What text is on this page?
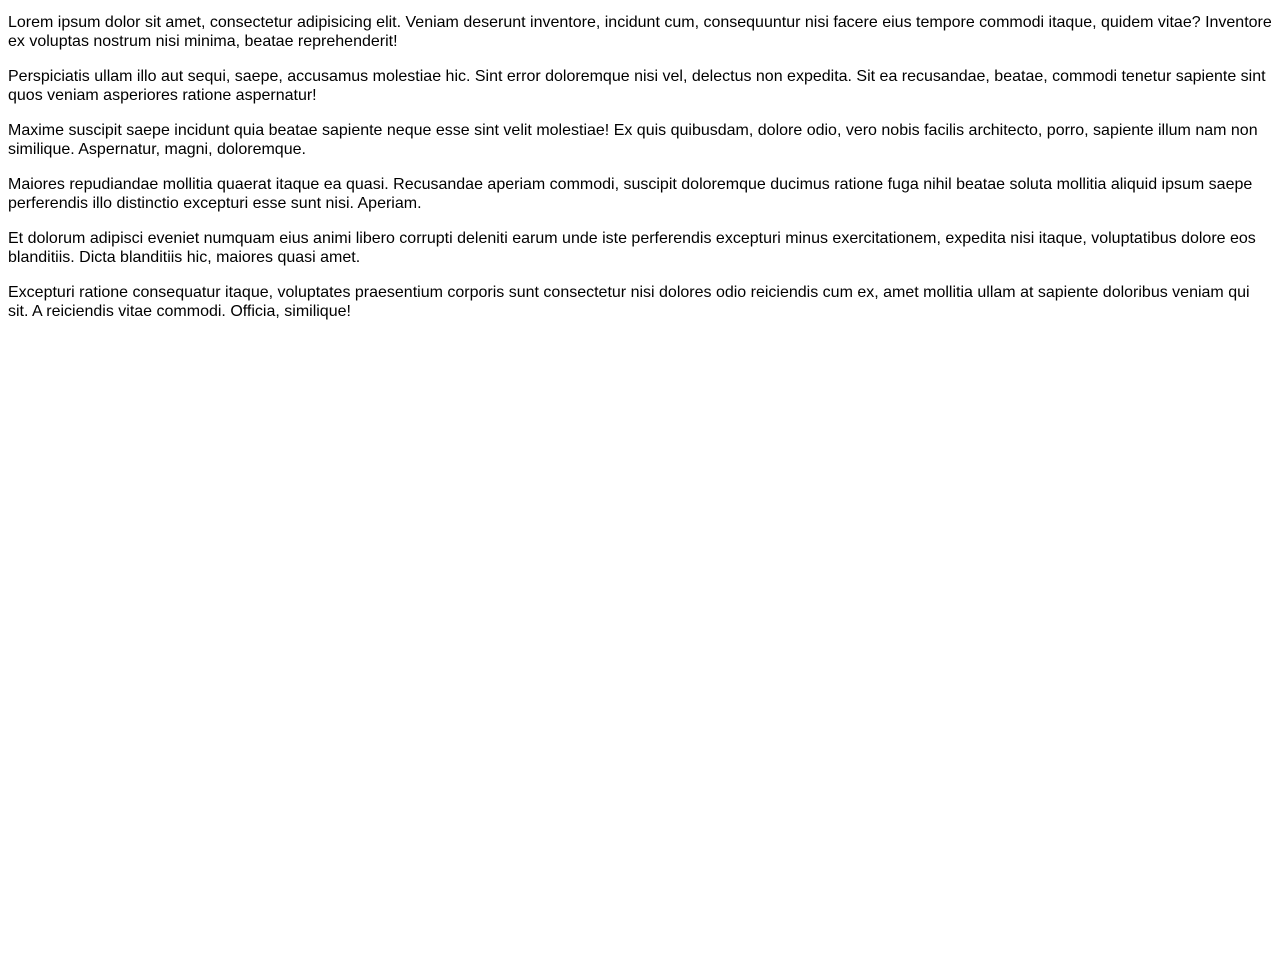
Lorem ipsum dolor sit amet, consectetur adipisicing elit. Veniam deserunt inventore, incidunt cum, consequuntur nisi facere eius tempore commodi itaque, quidem vitae? Inventore ex voluptas nostrum nisi minima, beatae reprehenderit!

Perspiciatis ullam illo aut sequi, saepe, accusamus molestiae hic. Sint error doloremque nisi vel, delectus non expedita. Sit ea recusandae, beatae, commodi tenetur sapiente sint quos veniam asperiores ratione aspernatur!

Maxime suscipit saepe incidunt quia beatae sapiente neque esse sint velit molestiae! Ex quis quibusdam, dolore odio, vero nobis facilis architecto, porro, sapiente illum nam non similique. Aspernatur, magni, doloremque.

Maiores repudiandae mollitia quaerat itaque ea quasi. Recusandae aperiam commodi, suscipit doloremque ducimus ratione fuga nihil beatae soluta mollitia aliquid ipsum saepe perferendis illo distinctio excepturi esse sunt nisi. Aperiam.

Et dolorum adipisci eveniet numquam eius animi libero corrupti deleniti earum unde iste perferendis excepturi minus exercitationem, expedita nisi itaque, voluptatibus dolore eos blanditiis. Dicta blanditiis hic, maiores quasi amet.

Excepturi ratione consequatur itaque, voluptates praesentium corporis sunt consectetur nisi dolores odio reiciendis cum ex, amet mollitia ullam at sapiente doloribus veniam qui sit. A reiciendis vitae commodi. Officia, similique!
